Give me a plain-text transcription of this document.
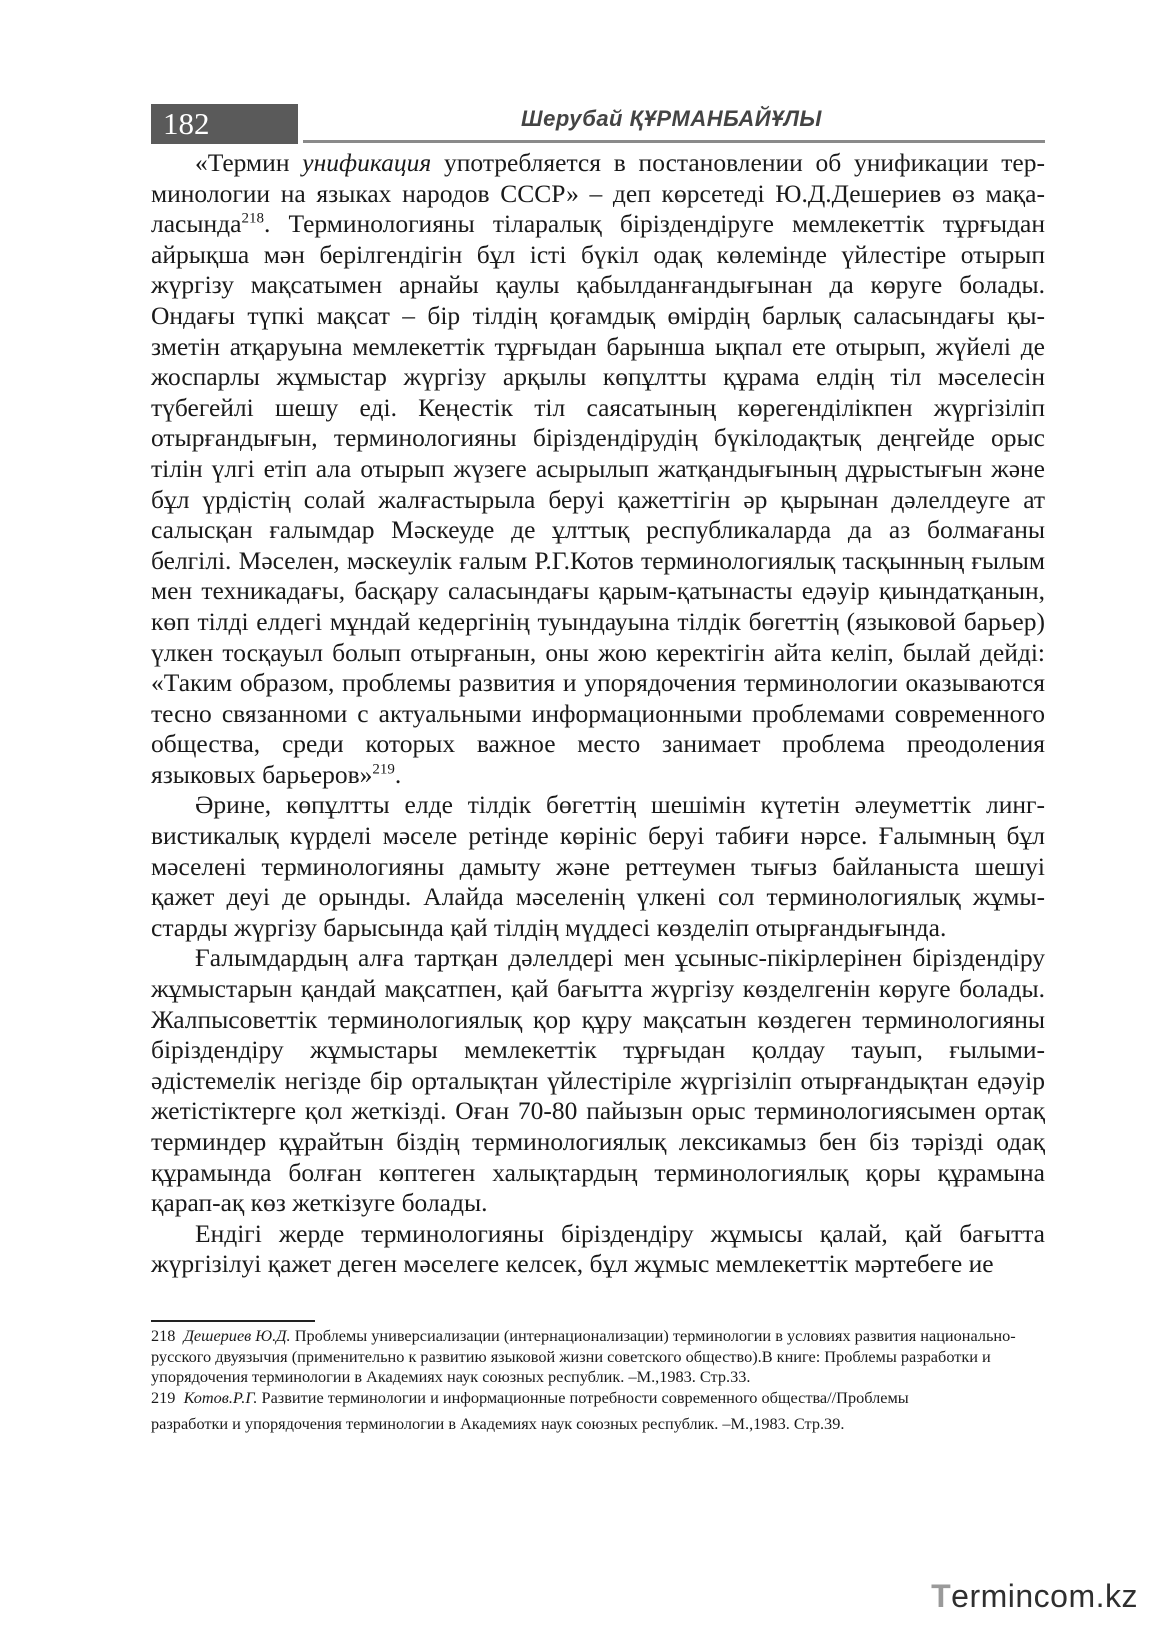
182	Шерубай ҚҰРМАНБАЙҰЛЫ

«Термин унификация употребляется в постановлении об унификации терминологии на языках народов СССР» – деп көрсетеді Ю.Д.Дешериев өз мақаласында$^{218}$. Терминологияны тіларалық біріздендіруге мемлекеттік тұрғыдан айрықша мән берілгендігін бұл істі бүкіл одақ көлемінде үйлестіре отырып жүргізу мақсатымен арнайы қаулы қабылданғандығынан да көруге болады. Ондағы түпкі мақсат – бір тілдің қоғамдық өмірдің барлық саласындағы қызметін атқаруына мемлекеттік тұрғыдан барынша ықпал ете отырып, жүйелі де жоспарлы жұмыстар жүргізу арқылы көпұлтты құрама елдің тіл мәселесін түбегейлі шешу еді. Кеңестік тіл саясатының көрегенділікпен жүргізіліп отырғандығын, терминологияны біріздендірудің бүкілодақтық деңгейде орыс тілін үлгі етіп ала отырып жүзеге асырылып жатқандығының дұрыстығын және бұл үрдістің солай жалғастырыла беруі қажеттігін әр қырынан дәлелдеуге ат салысқан ғалымдар Мәскеуде де ұлттық республикаларда да аз болмағаны белгілі. Мәселен, мәскеулік ғалым Р.Г.Котов терминологиялық тасқынның ғылым мен техникадағы, басқару саласындағы қарым-қатынасты едәуір қиындатқанын, көп тілді елдегі мұндай кедергінің туындауына тілдік бөгеттің (языковой барьер) үлкен тосқауыл болып отырғанын, оны жою керектігін айта келіп, былай дейді: «Таким образом, проблемы развития и упорядочения терминологии оказываются тесно связанноми с актуальными информационными проблемами современного общества, среди которых важное место занимает проблема преодоления языковых барьеров»$^{219}$.

Әрине, көпұлтты елде тілдік бөгеттің шешімін күтетін әлеуметтік лингвистикалық күрделі мәселе ретінде көрініс беруі табиғи нәрсе. Ғалымның бұл мәселені терминологияны дамыту және реттеумен тығыз байланыста шешуі қажет деуі де орынды. Алайда мәселенің үлкені сол терминологиялық жұмыстарды жүргізу барысында қай тілдің мүддесі көзделіп отырғандығында.

Ғалымдардың алға тартқан дәлелдері мен ұсыныс-пікірлерінен біріздендіру жұмыстарын қандай мақсатпен, қай бағытта жүргізу көзделгенін көруге болады. Жалпысоветтік терминологиялық қор құру мақсатын көздеген терминологияны біріздендіру жұмыстары мемлекеттік тұрғыдан қолдау тауып, ғылыми-әдістемелік негізде бір орталықтан үйлестіріле жүргізіліп отырғандықтан едәуір жетістіктерге қол жеткізді. Оған 70-80 пайызын орыс терминологиясымен ортақ терминдер құрайтын біздің терминологиялық лексикамыз бен біз тәрізді одақ құрамында болған көптеген халықтардың терминологиялық қоры құрамына қарап-ақ көз жеткізуге болады.

Ендігі жерде терминологияны біріздендіру жұмысы қалай, қай бағытта жүргізілуі қажет деген мәселеге келсек, бұл жұмыс мемлекеттік мәртебеге ие

218 Дешериев Ю.Д. Проблемы универсиализации (интернационализации) терминологии в условиях развития национально-русского двуязычия (применительно к развитию языковой жизни советского общество).В книге: Проблемы разработки и упорядочения терминологии в Академиях наук союзных республик. –М.,1983. Стр.33.

219 Котов.Р.Г. Развитие терминологии и информационные потребности современного общества//Проблемы

разработки и упорядочения терминологии в Академиях наук союзных республик. –М.,1983. Стр.39.

Termincom.kz
